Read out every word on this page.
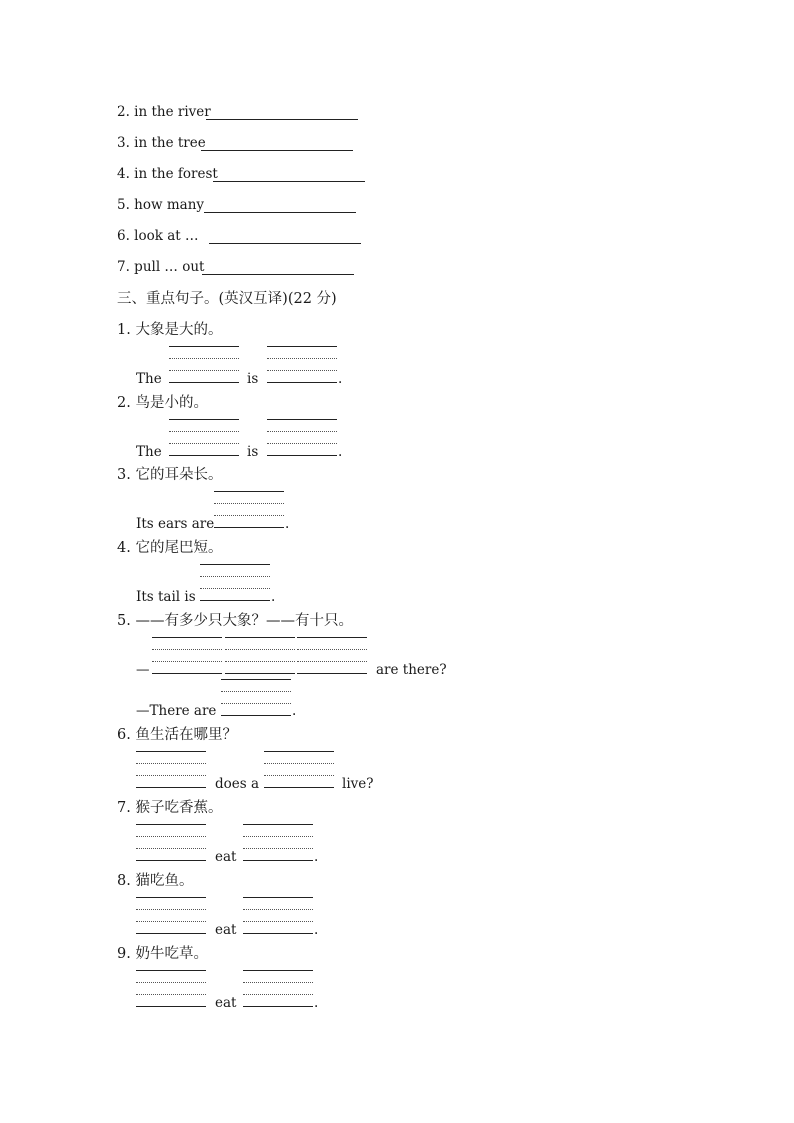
2. in the river
3. in the tree
4. in the forest
5. how many
6. look at …
7. pull … out
三、重点句子。(英汉互译)(22 分)
1. 大象是大的。
The	is	.
2. 鸟是小的。
The	is	.
3. 它的耳朵长。
Its ears are	.
4. 它的尾巴短。
Its tail is	.
5. ——有多少只大象？——有十只。
—	are there?
—There are	.
6. 鱼生活在哪里？
does a	live?
7. 猴子吃香蕉。
eat	.
8. 猫吃鱼。
eat	.
9. 奶牛吃草。
eat	.
